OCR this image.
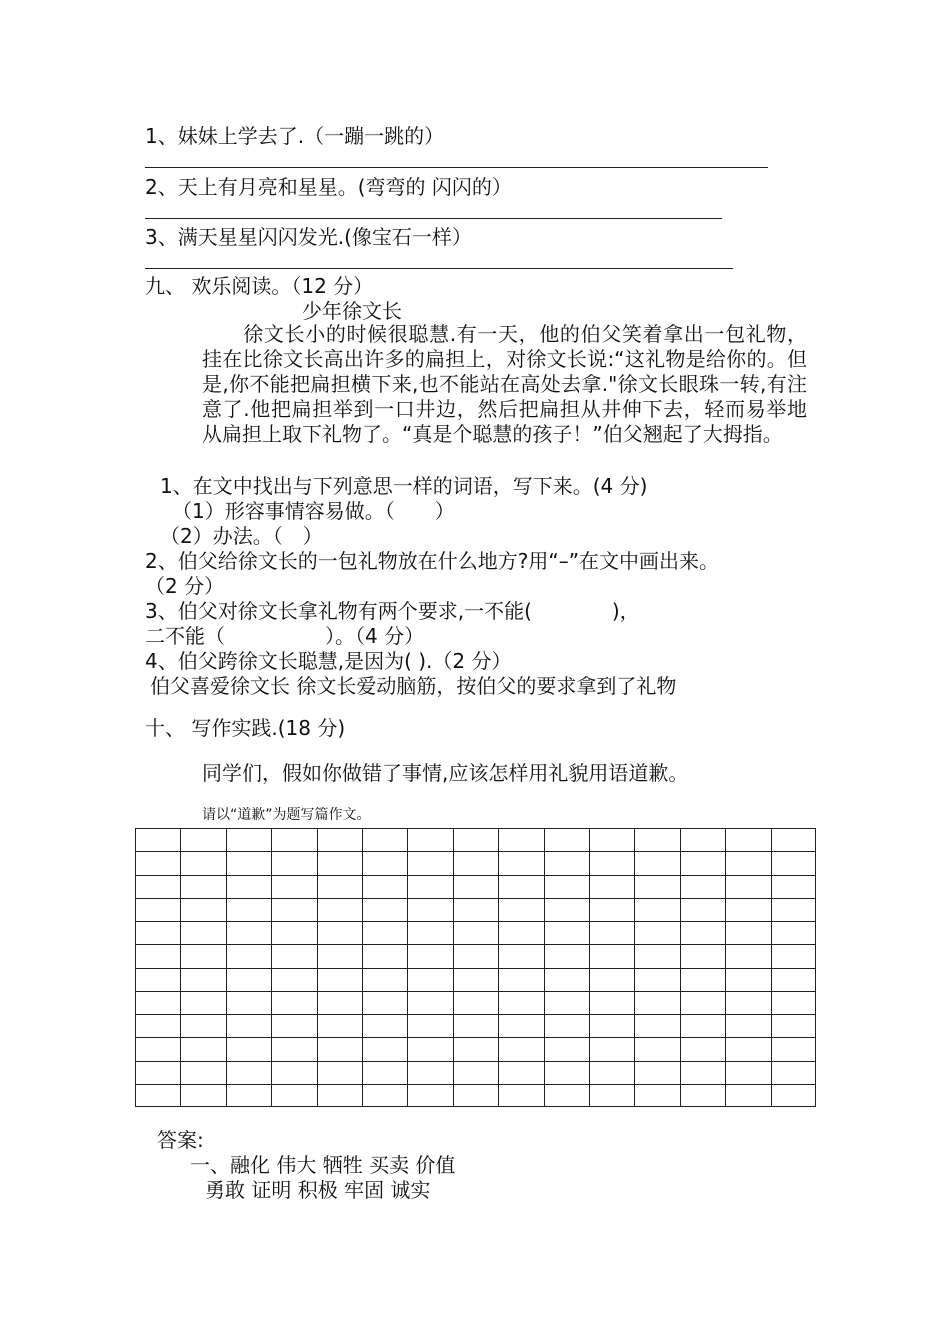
1、妹妹上学去了.（一蹦一跳的）
2、天上有月亮和星星。(弯弯的 闪闪的）
3、满天星星闪闪发光.(像宝石一样）
九、 欢乐阅读。（12 分）
少年徐文长

　　徐文长小的时候很聪慧.有一天，他的伯父笑着拿出一包礼物，挂在比徐文长高出许多的扁担上，对徐文长说:“这礼物是给你的。但是,你不能把扁担横下来,也不能站在高处去拿."徐文长眼珠一转,有注意了.他把扁担举到一口井边，然后把扁担从井伸下去，轻而易举地从扁担上取下礼物了。“真是个聪慧的孩子！”伯父翘起了大拇指。

1、在文中找出与下列意思一样的词语，写下来。(4 分)
（1）形容事情容易做。（　　）
（2）办法。（　）
2、伯父给徐文长的一包礼物放在什么地方?用“–”在文中画出来。
（2 分）
3、伯父对徐文长拿礼物有两个要求,一不能(　　　　)，
二不能（　　　　　）。（4 分）
4、伯父跨徐文长聪慧,是因为( ).（2 分）
伯父喜爱徐文长 徐文长爱动脑筋，按伯父的要求拿到了礼物
十、 写作实践.(18 分)
同学们，假如你做错了事情,应该怎样用礼貌用语道歉。
请以“道歉”为题写篇作文。
答案:
一、融化 伟大 牺牲 买卖 价值
勇敢 证明 积极 牢固 诚实
